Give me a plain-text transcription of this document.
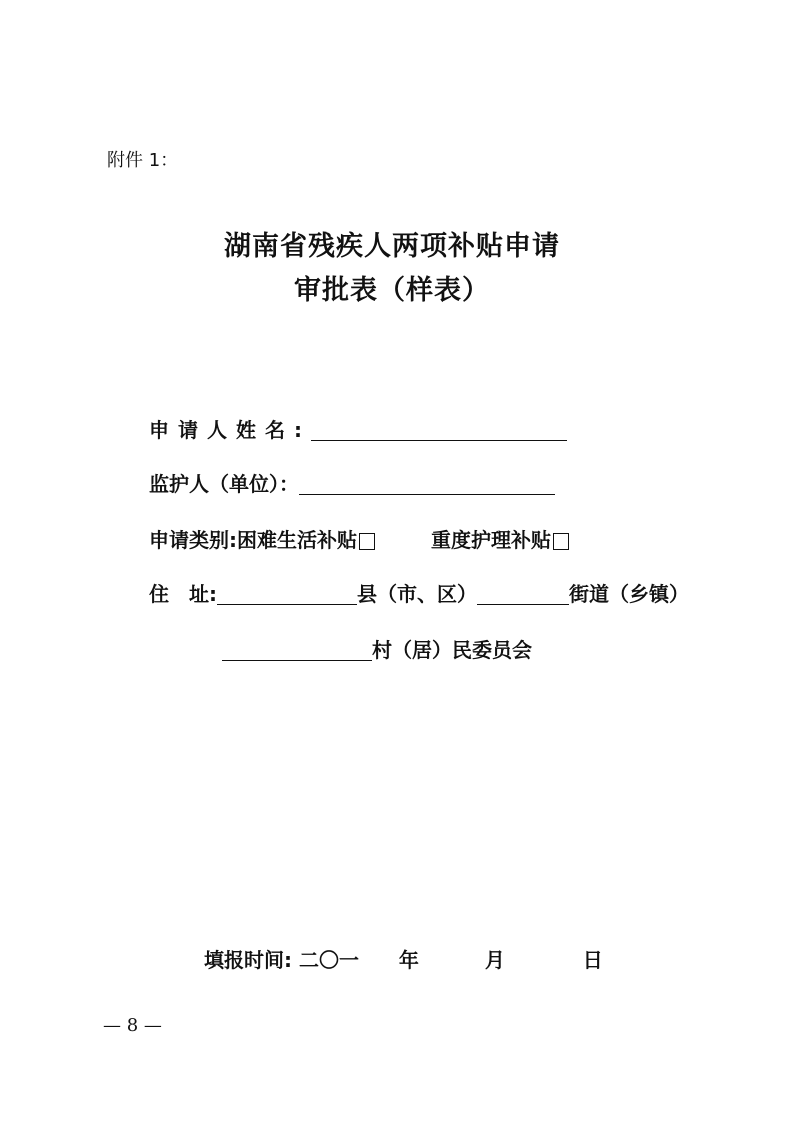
附件 1：
湖南省残疾人两项补贴申请
审批表（样表）
申请人姓名:
监护人（单位）：
申请类别: 困难生活补贴	重度护理补贴
住　址:	县（市、区）	街道（乡镇）
村（居）民委员会
填报时间: 二〇一 年	月	日
— 8 —
